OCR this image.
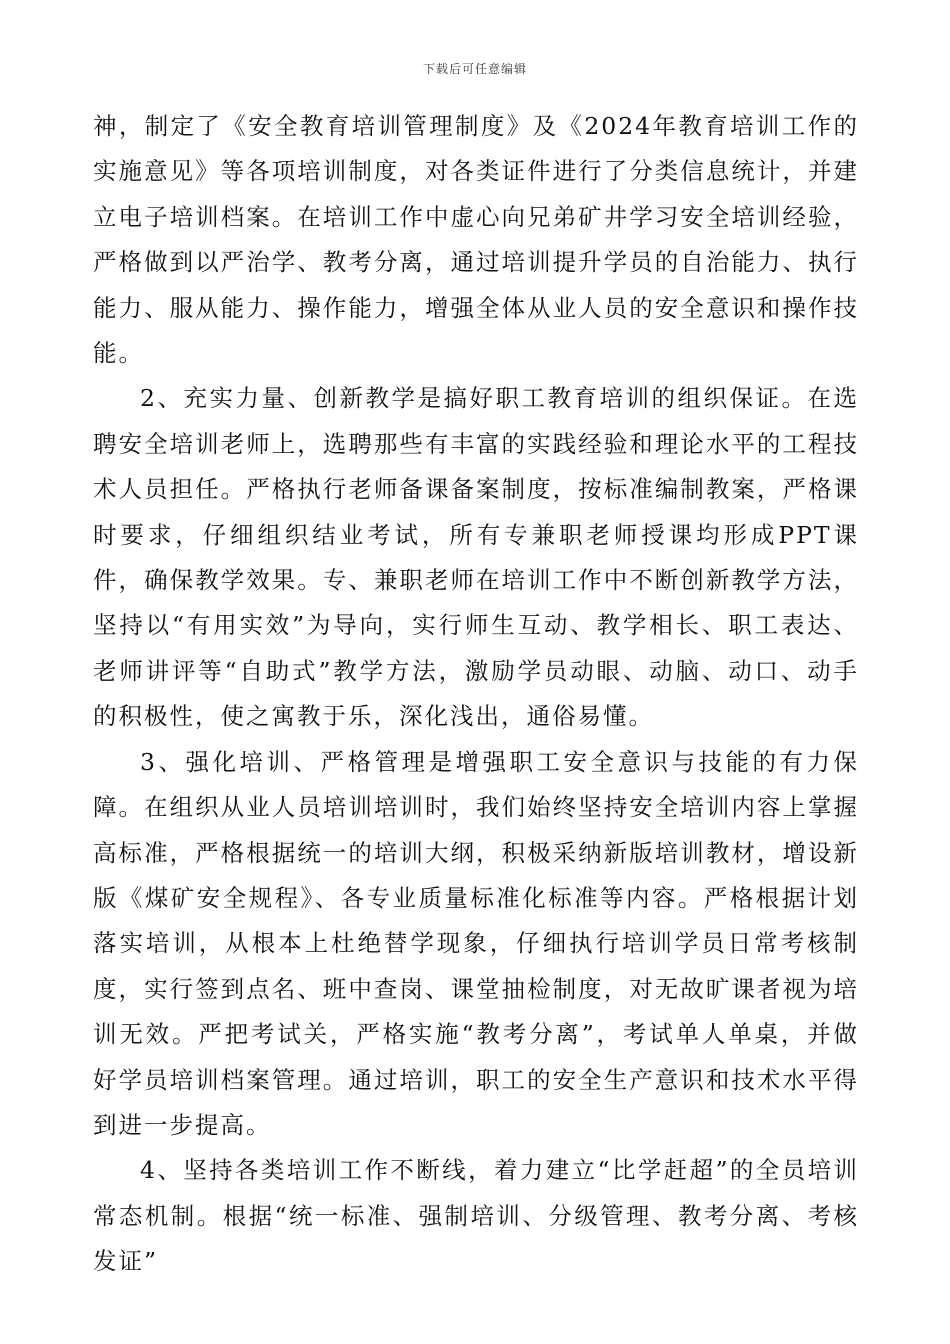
下载后可任意编辑

神，制定了《安全教育培训管理制度》及《2024年教育培训工作的实施意见》等各项培训制度，对各类证件进行了分类信息统计，并建立电子培训档案。在培训工作中虚心向兄弟矿井学习安全培训经验，严格做到以严治学、教考分离，通过培训提升学员的自治能力、执行能力、服从能力、操作能力，增强全体从业人员的安全意识和操作技能。

2、充实力量、创新教学是搞好职工教育培训的组织保证。在选聘安全培训老师上，选聘那些有丰富的实践经验和理论水平的工程技术人员担任。严格执行老师备课备案制度，按标准编制教案，严格课时要求，仔细组织结业考试，所有专兼职老师授课均形成PPT课件，确保教学效果。专、兼职老师在培训工作中不断创新教学方法，坚持以“有用实效”为导向，实行师生互动、教学相长、职工表达、老师讲评等“自助式”教学方法，激励学员动眼、动脑、动口、动手的积极性，使之寓教于乐，深化浅出，通俗易懂。

3、强化培训、严格管理是增强职工安全意识与技能的有力保障。在组织从业人员培训培训时，我们始终坚持安全培训内容上掌握高标准，严格根据统一的培训大纲，积极采纳新版培训教材，增设新版《煤矿安全规程》、各专业质量标准化标准等内容。严格根据计划落实培训，从根本上杜绝替学现象，仔细执行培训学员日常考核制度，实行签到点名、班中查岗、课堂抽检制度，对无故旷课者视为培训无效。严把考试关，严格实施“教考分离”，考试单人单桌，并做好学员培训档案管理。通过培训，职工的安全生产意识和技术水平得到进一步提高。

4、坚持各类培训工作不断线，着力建立“比学赶超”的全员培训常态机制。根据“统一标准、强制培训、分级管理、教考分离、考核发证”
